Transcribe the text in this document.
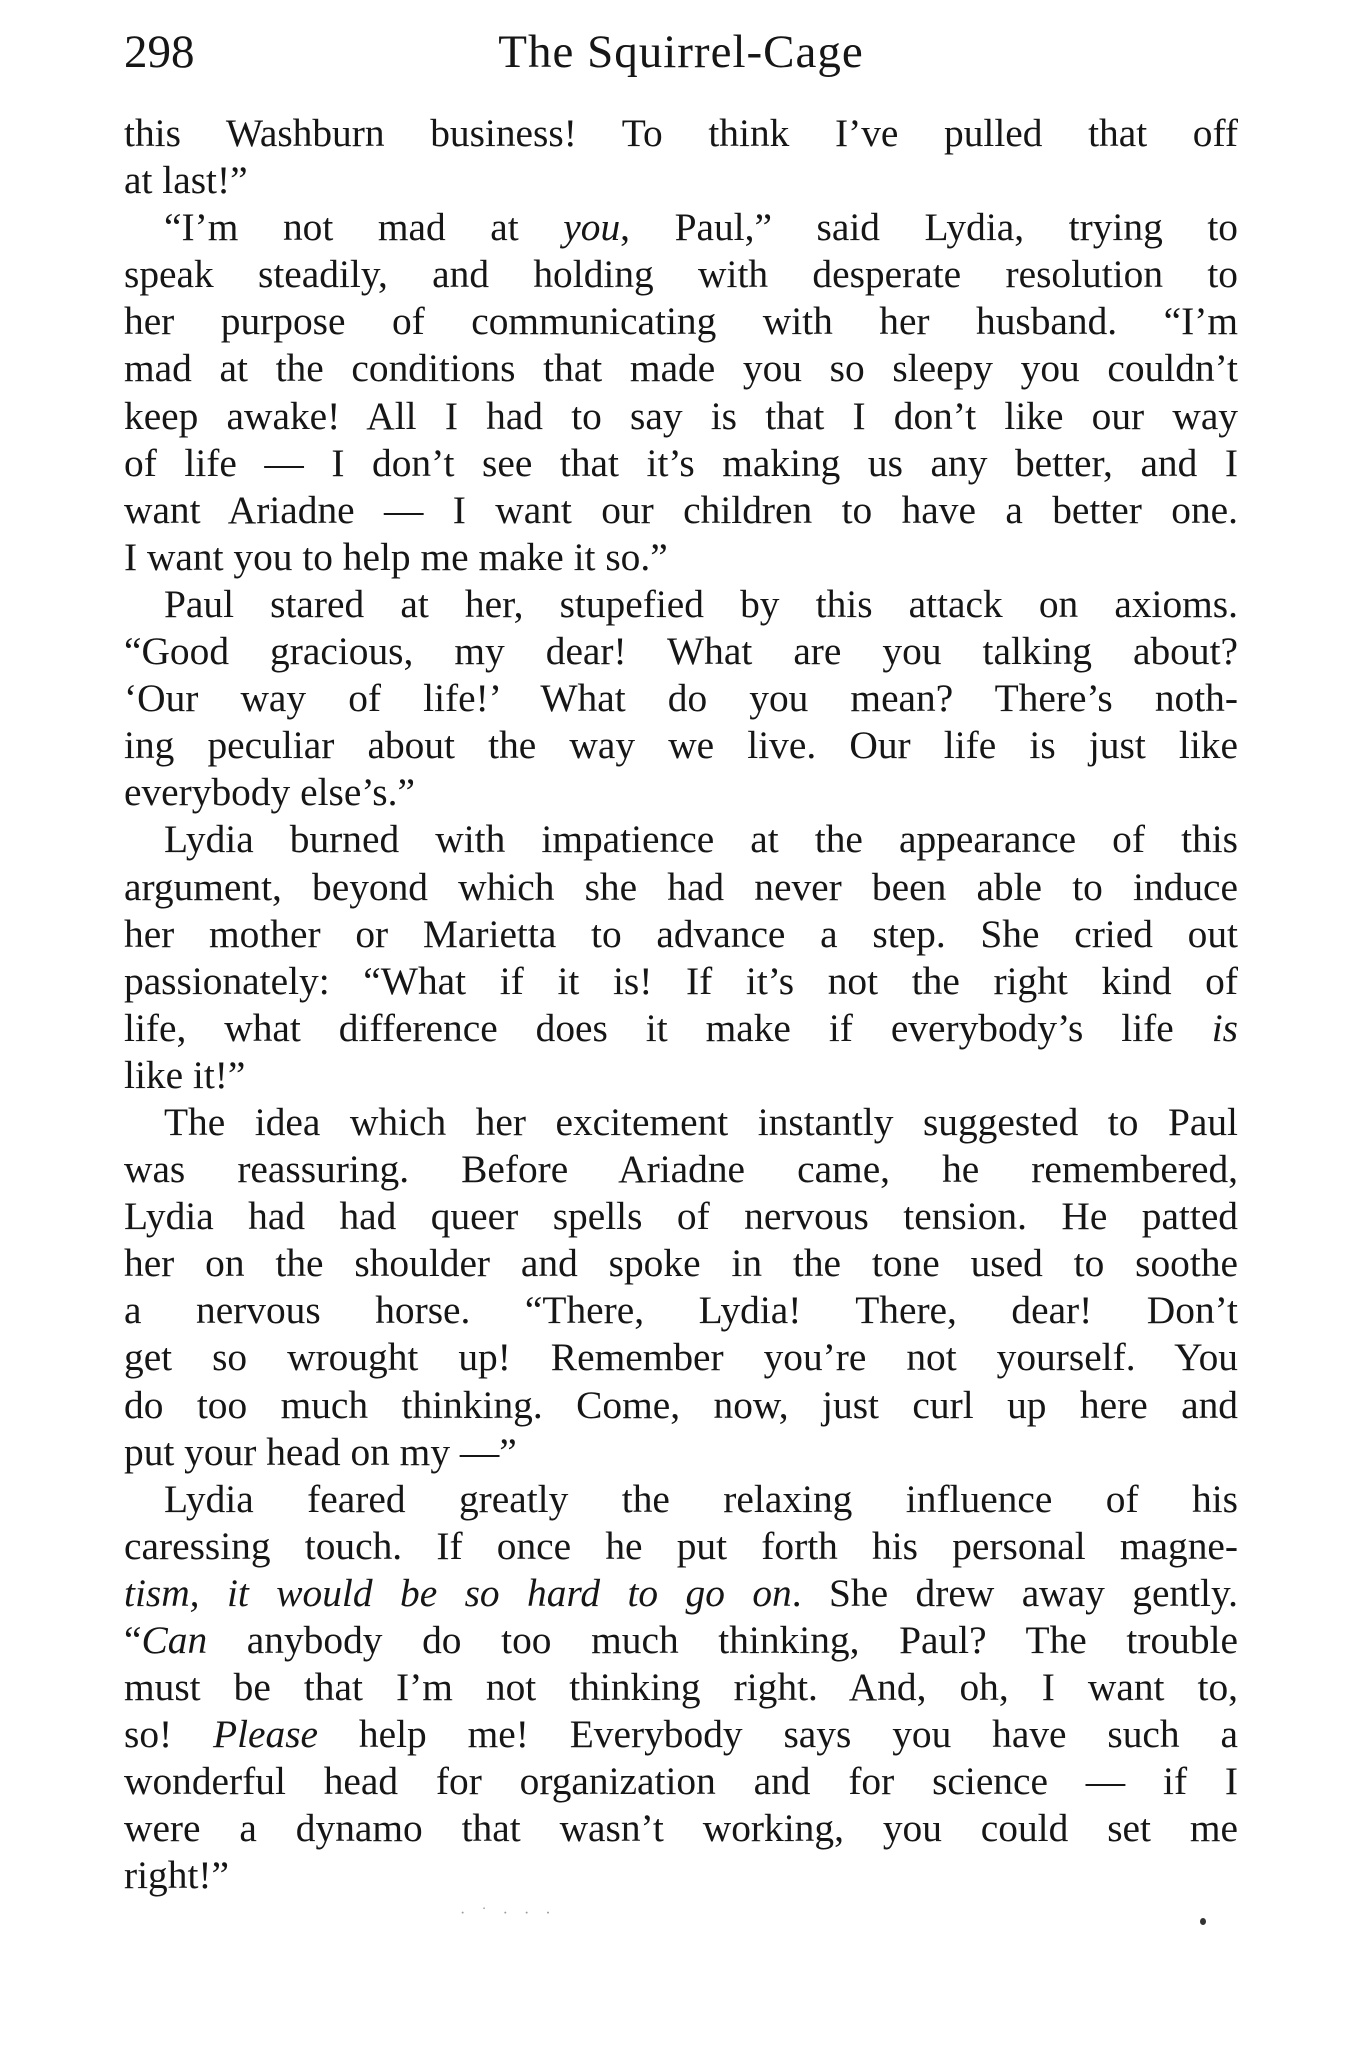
298	The Squirrel-Cage
this Washburn business! To think I’ve pulled that off
at last!”
“I’m not mad at you, Paul,” said Lydia, trying to
speak steadily, and holding with desperate resolution to
her purpose of communicating with her husband. “I’m
mad at the conditions that made you so sleepy you couldn’t
keep awake! All I had to say is that I don’t like our way
of life — I don’t see that it’s making us any better, and I
want Ariadne — I want our children to have a better one.
I want you to help me make it so.”
Paul stared at her, stupefied by this attack on axioms.
“Good gracious, my dear! What are you talking about?
‘Our way of life!’ What do you mean? There’s noth-
ing peculiar about the way we live. Our life is just like
everybody else’s.”
Lydia burned with impatience at the appearance of this
argument, beyond which she had never been able to induce
her mother or Marietta to advance a step. She cried out
passionately: “What if it is! If it’s not the right kind of
life, what difference does it make if everybody’s life is
like it!”
The idea which her excitement instantly suggested to Paul
was reassuring. Before Ariadne came, he remembered,
Lydia had had queer spells of nervous tension. He patted
her on the shoulder and spoke in the tone used to soothe
a nervous horse. “There, Lydia! There, dear! Don’t
get so wrought up! Remember you’re not yourself. You
do too much thinking. Come, now, just curl up here and
put your head on my —”
Lydia feared greatly the relaxing influence of his
caressing touch. If once he put forth his personal magne-
tism, it would be so hard to go on. She drew away gently.
“Can anybody do too much thinking, Paul? The trouble
must be that I’m not thinking right. And, oh, I want to,
so! Please help me! Everybody says you have such a
wonderful head for organization and for science — if I
were a dynamo that wasn’t working, you could set me
right!”
· ˙ · · ·
